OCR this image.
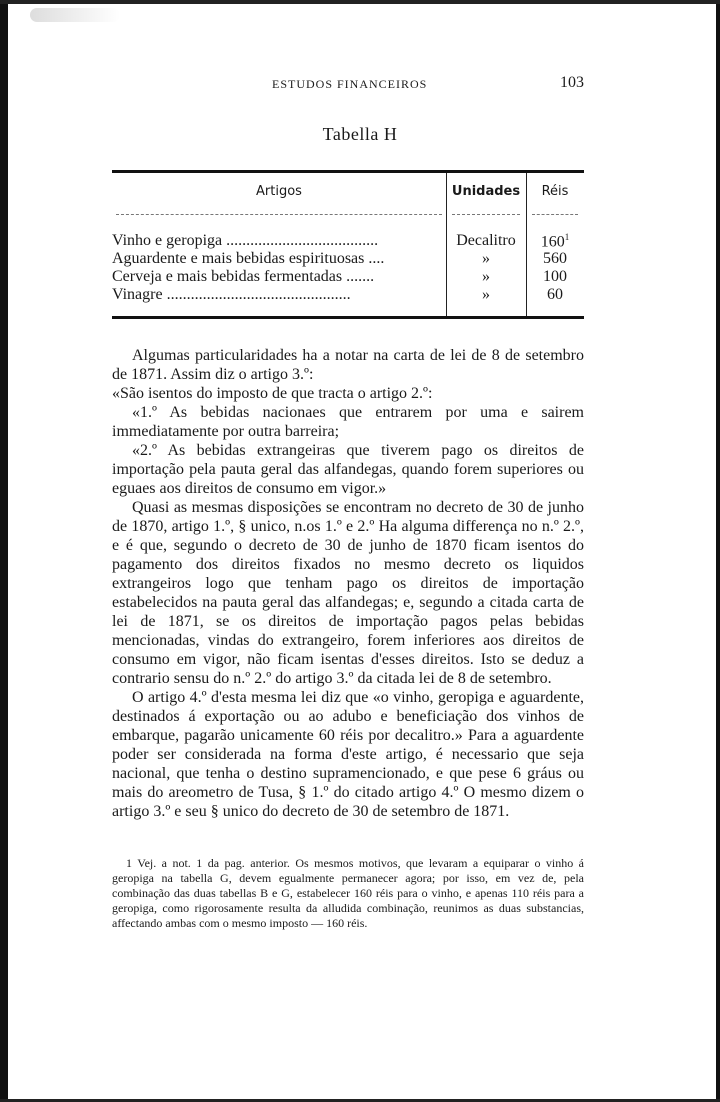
ESTUDOS FINANCEIROS	103
Tabella H
Artigos	Unidades	Réis
Vinho e geropiga ......................................	Decalitro	$160^1$
Aguardente e mais bebidas espirituosas ....	»	560
Cerveja e mais bebidas fermentadas .......	»	100
Vinagre ..............................................	»	60

Algumas particularidades ha a notar na carta de lei de 8 de setembro de 1871. Assim diz o artigo 3.º:

«São isentos do imposto de que tracta o artigo 2.º:

«1.º As bebidas nacionaes que entrarem por uma e sairem immediatamente por outra barreira;

«2.º As bebidas extrangeiras que tiverem pago os direitos de importação pela pauta geral das alfandegas, quando forem superiores ou eguaes aos direitos de consumo em vigor.»

Quasi as mesmas disposições se encontram no decreto de 30 de junho de 1870, artigo 1.º, § unico, n.os 1.º e 2.º Ha alguma differença no n.º 2.º, e é que, segundo o decreto de 30 de junho de 1870 ficam isentos do pagamento dos direitos fixados no mesmo decreto os liquidos extrangeiros logo que tenham pago os direitos de importação estabelecidos na pauta geral das alfandegas; e, segundo a citada carta de lei de 1871, se os direitos de importação pagos pelas bebidas mencionadas, vindas do extrangeiro, forem inferiores aos direitos de consumo em vigor, não ficam isentas d'esses direitos. Isto se deduz a contrario sensu do n.º 2.º do artigo 3.º da citada lei de 8 de setembro.

O artigo 4.º d'esta mesma lei diz que «o vinho, geropiga e aguardente, destinados á exportação ou ao adubo e beneficiação dos vinhos de embarque, pagarão unicamente 60 réis por decalitro.» Para a aguardente poder ser considerada na forma d'este artigo, é necessario que seja nacional, que tenha o destino supramencionado, e que pese 6 gráus ou mais do areometro de Tusa, § 1.º do citado artigo 4.º O mesmo dizem o artigo 3.º e seu § unico do decreto de 30 de setembro de 1871.

1 Vej. a not. 1 da pag. anterior. Os mesmos motivos, que levaram a equiparar o vinho á geropiga na tabella G, devem egualmente permanecer agora; por isso, em vez de, pela combinação das duas tabellas B e G, estabelecer 160 réis para o vinho, e apenas 110 réis para a geropiga, como rigorosamente resulta da alludida combinação, reunimos as duas substancias, affectando ambas com o mesmo imposto — 160 réis.
